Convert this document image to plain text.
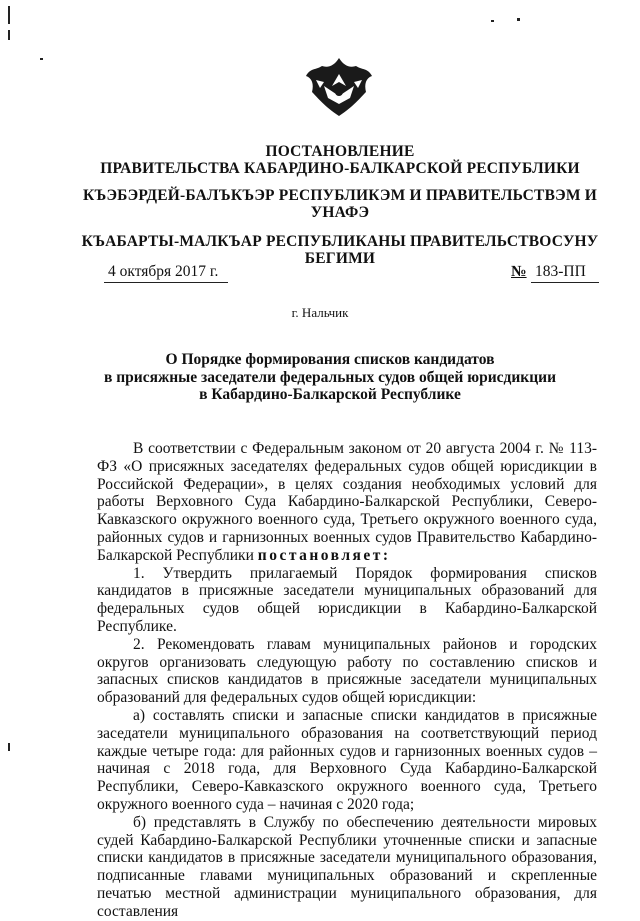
ПОСТАНОВЛЕНИЕ
ПРАВИТЕЛЬСТВА КАБАРДИНО-БАЛКАРСКОЙ РЕСПУБЛИКИ
КЪЭБЭРДЕЙ-БАЛЪКЪЭР РЕСПУБЛИКЭМ И ПРАВИТЕЛЬСТВЭМ И
УНАФЭ
КЪАБАРТЫ-МАЛКЪАР РЕСПУБЛИКАНЫ ПРАВИТЕЛЬСТВОСУНУ
БЕГИМИ
4 октября 2017 г.	№ 183-ПП
г. Нальчик
О Порядке формирования списков кандидатов
в присяжные заседатели федеральных судов общей юрисдикции
в Кабардино-Балкарской Республике

В соответствии с Федеральным законом от 20 августа 2004 г. № 113-ФЗ «О присяжных заседателях федеральных судов общей юрисдикции в Российской Федерации», в целях создания необходимых условий для работы Верховного Суда Кабардино-Балкарской Республики, Северо-Кавказского окружного военного суда, Третьего окружного военного суда, районных судов и гарнизонных военных судов Правительство Кабардино-Балкарской Республики постановляет:

1. Утвердить прилагаемый Порядок формирования списков кандидатов в присяжные заседатели муниципальных образований для федеральных судов общей юрисдикции в Кабардино-Балкарской Республике.

2. Рекомендовать главам муниципальных районов и городских округов организовать следующую работу по составлению списков и запасных списков кандидатов в присяжные заседатели муниципальных образований для федеральных судов общей юрисдикции:

а) составлять списки и запасные списки кандидатов в присяжные заседатели муниципального образования на соответствующий период каждые четыре года: для районных судов и гарнизонных военных судов – начиная с 2018 года, для Верховного Суда Кабардино-Балкарской Республики, Северо-Кавказского окружного военного суда, Третьего окружного военного суда – начиная с 2020 года;

б) представлять в Службу по обеспечению деятельности мировых судей Кабардино-Балкарской Республики уточненные списки и запасные списки кандидатов в присяжные заседатели муниципального образования, подписанные главами муниципальных образований и скрепленные печатью местной администрации муниципального образования, для составления
